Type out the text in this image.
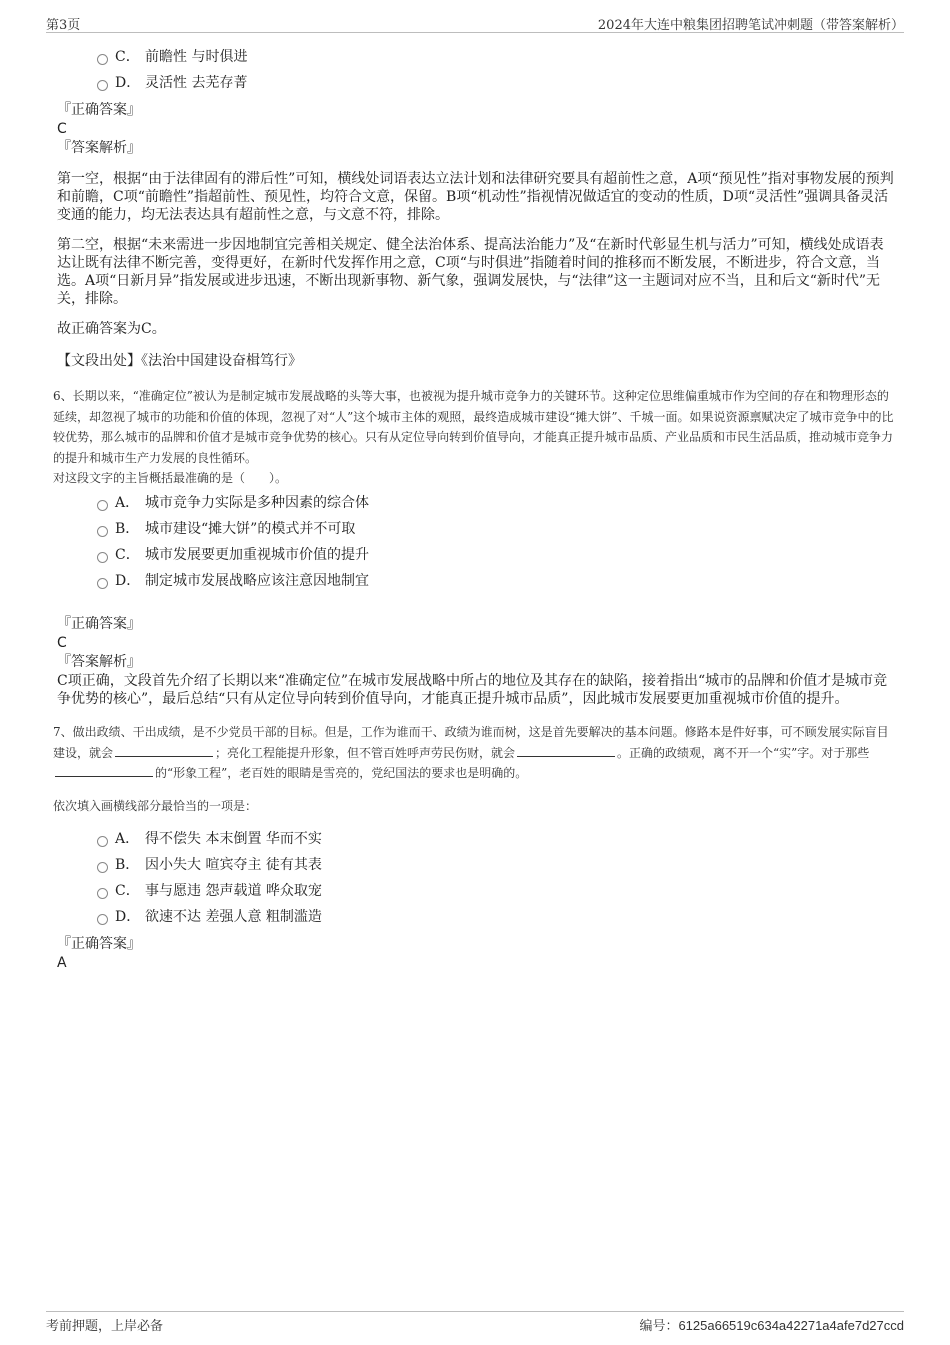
第3页	2024年大连中粮集团招聘笔试冲刺题（带答案解析）
C． 前瞻性 与时俱进
D． 灵活性 去芜存菁
『正确答案』
C
『答案解析』

第一空，根据“由于法律固有的滞后性”可知，横线处词语表达立法计划和法律研究要具有超前性之意，A项“预见性”指对事物发展的预判和前瞻，C项“前瞻性”指超前性、预见性，均符合文意，保留。B项“机动性”指视情况做适宜的变动的性质，D项“灵活性”强调具备灵活变通的能力，均无法表达具有超前性之意，与文意不符，排除。

第二空，根据“未来需进一步因地制宜完善相关规定、健全法治体系、提高法治能力”及“在新时代彰显生机与活力”可知，横线处成语表达让既有法律不断完善，变得更好，在新时代发挥作用之意，C项“与时俱进”指随着时间的推移而不断发展，不断进步，符合文意，当选。A项“日新月异”指发展或进步迅速，不断出现新事物、新气象，强调发展快，与“法律”这一主题词对应不当，且和后文“新时代”无关，排除。

故正确答案为C。

【文段出处】《法治中国建设奋楫笃行》

6、长期以来，“准确定位”被认为是制定城市发展战略的头等大事，也被视为提升城市竞争力的关键环节。这种定位思维偏重城市作为空间的存在和物理形态的延续，却忽视了城市的功能和价值的体现，忽视了对“人”这个城市主体的观照，最终造成城市建设“摊大饼”、千城一面。如果说资源禀赋决定了城市竞争中的比较优势，那么城市的品牌和价值才是城市竞争优势的核心。只有从定位导向转到价值导向，才能真正提升城市品质、产业品质和市民生活品质，推动城市竞争力的提升和城市生产力发展的良性循环。

对这段文字的主旨概括最准确的是（　　）。

A． 城市竞争力实际是多种因素的综合体
B． 城市建设“摊大饼”的模式并不可取
C． 城市发展要更加重视城市价值的提升
D． 制定城市发展战略应该注意因地制宜
『正确答案』
C
『答案解析』

C项正确，文段首先介绍了长期以来“准确定位”在城市发展战略中所占的地位及其存在的缺陷，接着指出“城市的品牌和价值才是城市竞争优势的核心”，最后总结“只有从定位导向转到价值导向，才能真正提升城市品质”，因此城市发展要更加重视城市价值的提升。

7、做出政绩、干出成绩，是不少党员干部的目标。但是，工作为谁而干、政绩为谁而树，这是首先要解决的基本问题。修路本是件好事，可不顾发展实际盲目建设，就会	；亮化工程能提升形象，但不管百姓呼声劳民伤财，就会	。正确的政绩观，离不开一个“实”字。对于那些的“形象工程”，老百姓的眼睛是雪亮的，党纪国法的要求也是明确的。

依次填入画横线部分最恰当的一项是：

A． 得不偿失 本末倒置 华而不实
B． 因小失大 喧宾夺主 徒有其表
C． 事与愿违 怨声载道 哗众取宠
D． 欲速不达 差强人意 粗制滥造
『正确答案』
A
考前押题，上岸必备	编号：6125a66519c634a42271a4afe7d27ccd
